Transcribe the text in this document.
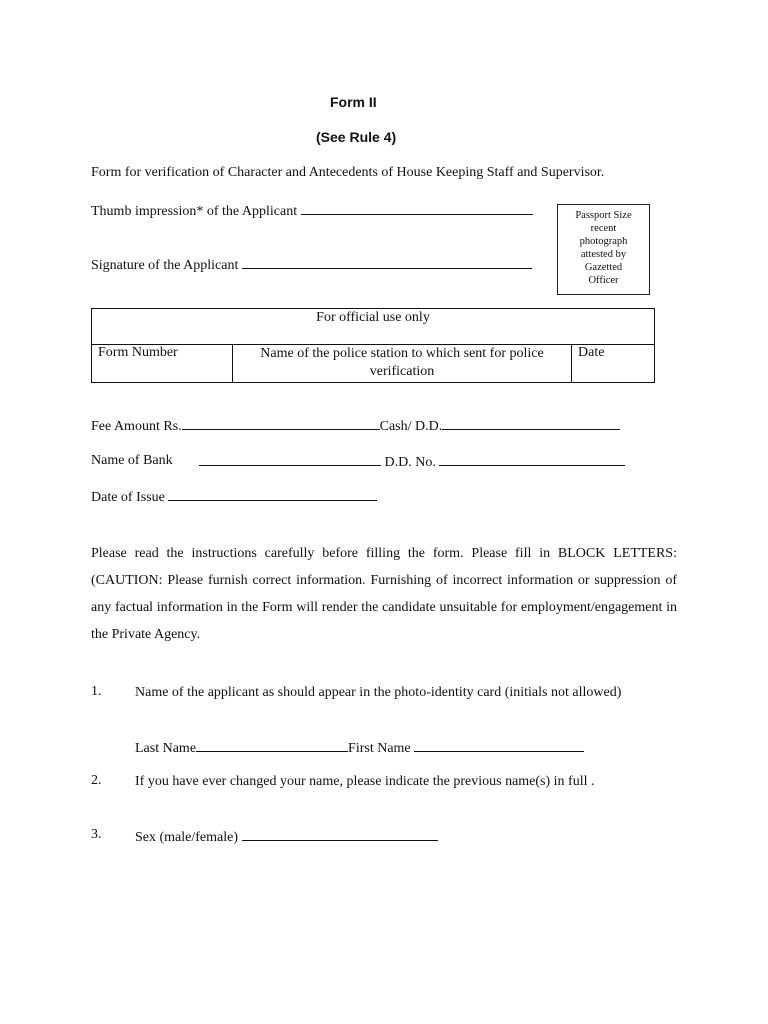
Form II
(See Rule 4)
Form for verification of Character and Antecedents of House Keeping Staff and Supervisor.
Thumb impression* of the Applicant
Signature of the Applicant
Passport Size
recent
photograph
attested by
Gazetted
Officer
For official use only
Form Number	Name of the police station to which sent for police verification	Date
Fee Amount Rs.	Cash/ D.D.
Name of Bank	D.D. No.
Date of Issue
Please read the instructions carefully before filling the form. Please fill in BLOCK LETTERS: (CAUTION: Please furnish correct information. Furnishing of incorrect information or suppression of any factual information in the Form will render the candidate unsuitable for employment/engagement in the Private Agency.
1. Name of the applicant as should appear in the photo-identity card (initials not allowed)
Last Name	First Name
2. If you have ever changed your name, please indicate the previous name(s) in full .
3. Sex (male/female)
